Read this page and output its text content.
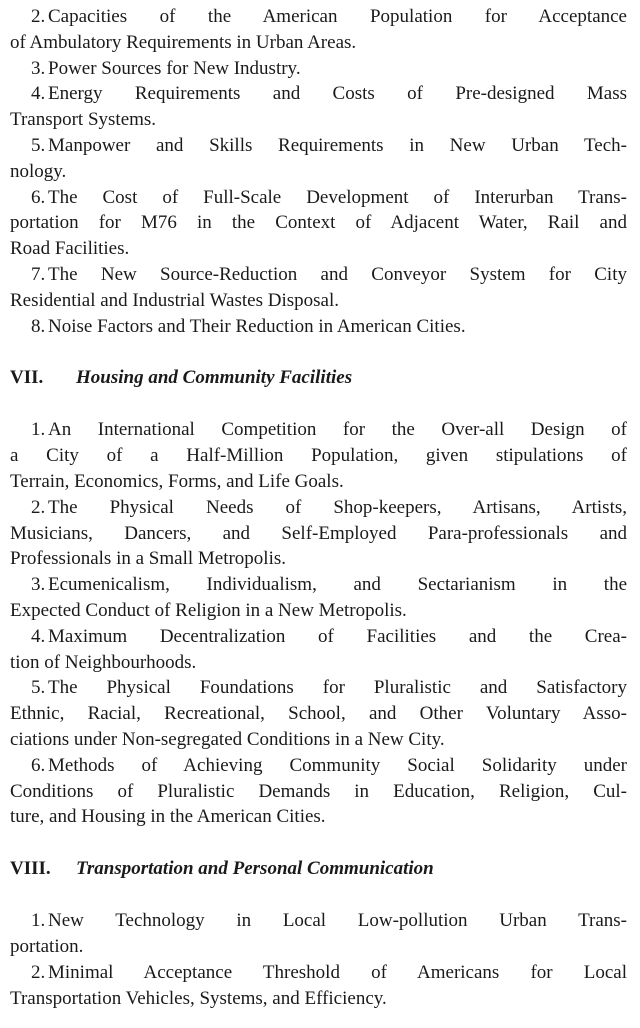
2. Capacities of the American Population for Acceptance
of Ambulatory Requirements in Urban Areas.

3. Power Sources for New Industry.

4. Energy Requirements and Costs of Pre-designed Mass
Transport Systems.

5. Manpower and Skills Requirements in New Urban Tech-
nology.

6. The Cost of Full-Scale Development of Interurban Trans-
portation for M76 in the Context of Adjacent Water, Rail and
Road Facilities.

7. The New Source-Reduction and Conveyor System for City
Residential and Industrial Wastes Disposal.

8. Noise Factors and Their Reduction in American Cities.

VII. Housing and Community Facilities

1. An International Competition for the Over-all Design of
a City of a Half-Million Population, given stipulations of
Terrain, Economics, Forms, and Life Goals.

2. The Physical Needs of Shop-keepers, Artisans, Artists,
Musicians, Dancers, and Self-Employed Para-professionals and
Professionals in a Small Metropolis.

3. Ecumenicalism, Individualism, and Sectarianism in the
Expected Conduct of Religion in a New Metropolis.

4. Maximum Decentralization of Facilities and the Crea-
tion of Neighbourhoods.

5. The Physical Foundations for Pluralistic and Satisfactory
Ethnic, Racial, Recreational, School, and Other Voluntary Asso-
ciations under Non-segregated Conditions in a New City.

6. Methods of Achieving Community Social Solidarity under
Conditions of Pluralistic Demands in Education, Religion, Cul-
ture, and Housing in the American Cities.

VIII. Transportation and Personal Communication

1. New Technology in Local Low-pollution Urban Trans-
portation.

2. Minimal Acceptance Threshold of Americans for Local
Transportation Vehicles, Systems, and Efficiency.
